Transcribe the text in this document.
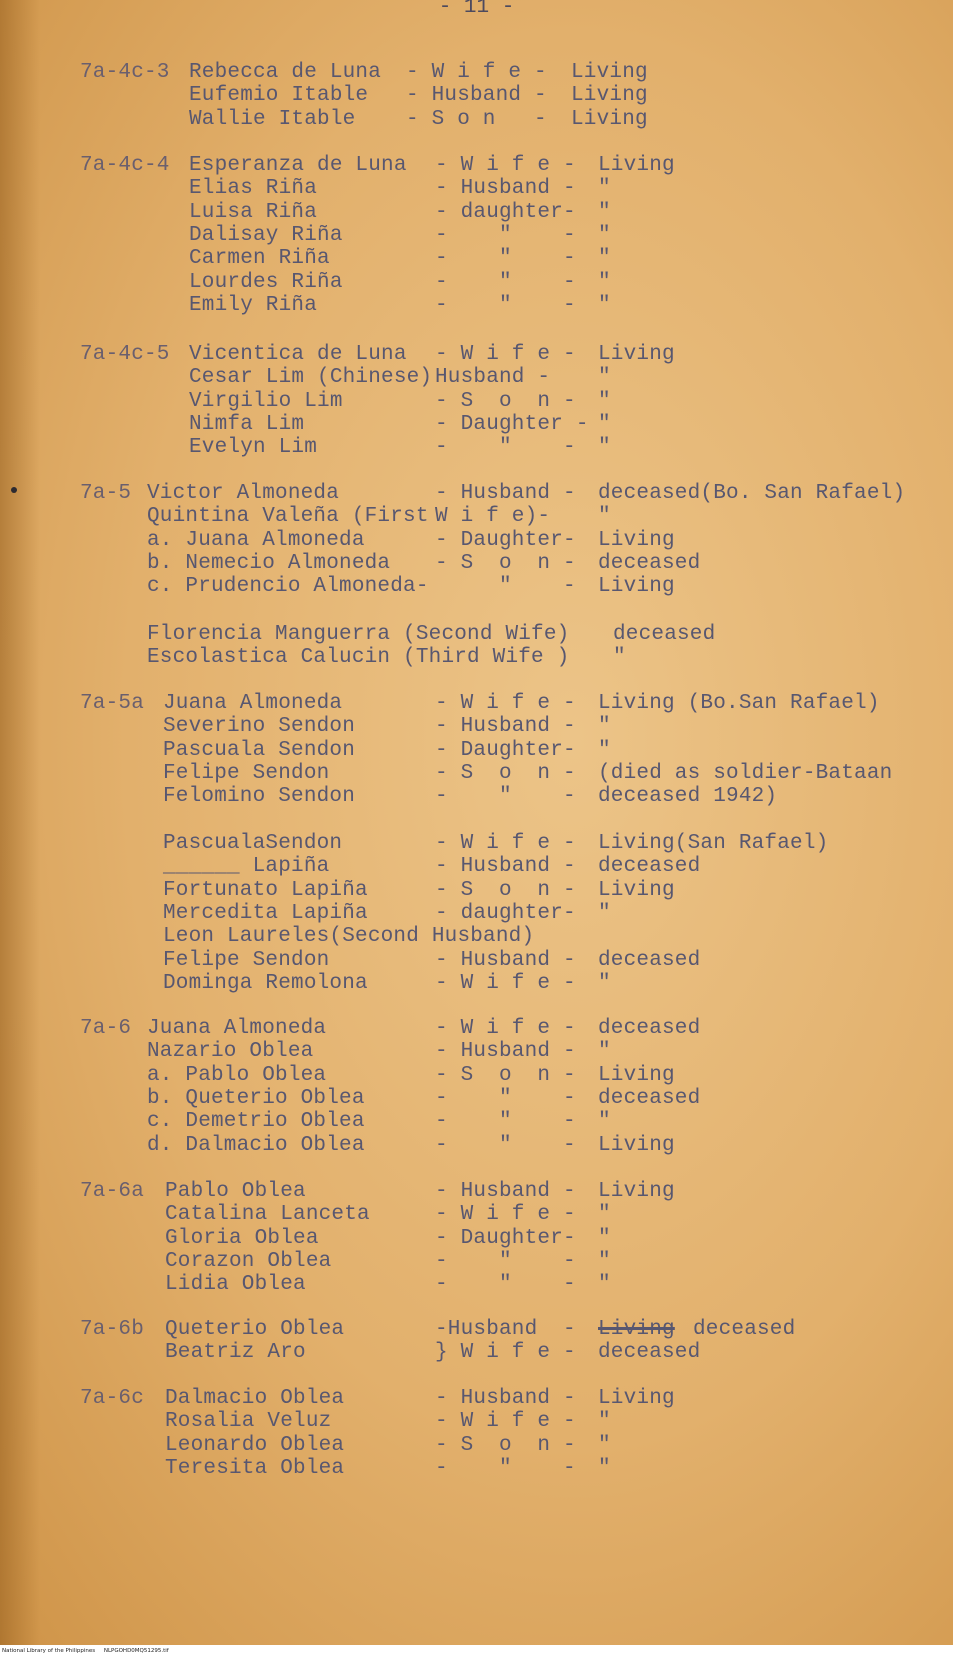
- 11 -
7a-4c-3 Rebecca de Luna - W i f e - Living
Eufemio Itable - Husband - Living
Wallie Itable - S o n   - Living
7a-4c-4 Esperanza de Luna - W i f e - Living
Elias Riña	- Husband - "
Luisa Riña	- daughter- "
Dalisay Riña	-    "    - "
Carmen Riña	-    "    - "
Lourdes Riña	-    "    - "
Emily Riña	-    "    - "
7a-4c-5 Vicentica de Luna - W i f e - Living
Cesar Lim (Chinese) Husband - "
Virgilio Lim	- S  o  n - "
Nimfa Lim	- Daughter - "
Evelyn Lim	-    "    - "
7a-5 Victor Almoneda	- Husband - deceased(Bo. San Rafael)
Quintina Valeña (First W i f e)- "
a. Juana Almoneda	- Daughter- Living
b. Nemecio Almoneda - S  o  n - deceased
c. Prudencio Almoneda- "    - Living
Florencia Manguerra (Second Wife) deceased
Escolastica Calucin (Third Wife ) "
7a-5a Juana Almoneda	- W i f e - Living (Bo.San Rafael)
Severino Sendon	- Husband - "
Pascuala Sendon	- Daughter- "
Felipe Sendon	- S  o  n - (died as soldier-Bataan
Felomino Sendon	-    "    - deceased 1942)
PascualaSendon	- W i f e - Living(San Rafael)
______ Lapiña	- Husband - deceased
Fortunato Lapiña	- S  o  n - Living
Mercedita Lapiña	- daughter- "
Leon Laureles(Second Husband)
Felipe Sendon	- Husband - deceased
Dominga Remolona	- W i f e - "
7a-6 Juana Almoneda	- W i f e - deceased
Nazario Oblea	- Husband - "
a. Pablo Oblea	- S  o  n - Living
b. Queterio Oblea	-    "    - deceased
c. Demetrio Oblea	-    "    - "
d. Dalmacio Oblea	-    "    - Living
7a-6a Pablo Oblea	- Husband - Living
Catalina Lanceta	- W i f e - "
Gloria Oblea	- Daughter- "
Corazon Oblea	-    "    - "
Lidia Oblea	-    "    - "
7a-6b Queterio Oblea	-Husband  - Living deceased
Beatriz Aro	} W i f e - deceased
7a-6c Dalmacio Oblea	- Husband - Living
Rosalia Veluz	- W i f e - "
Leonardo Oblea	- S  o  n - "
Teresita Oblea	-    "    - "
National Library of the Philippines     NLPGOHD0MQ51295.tif
